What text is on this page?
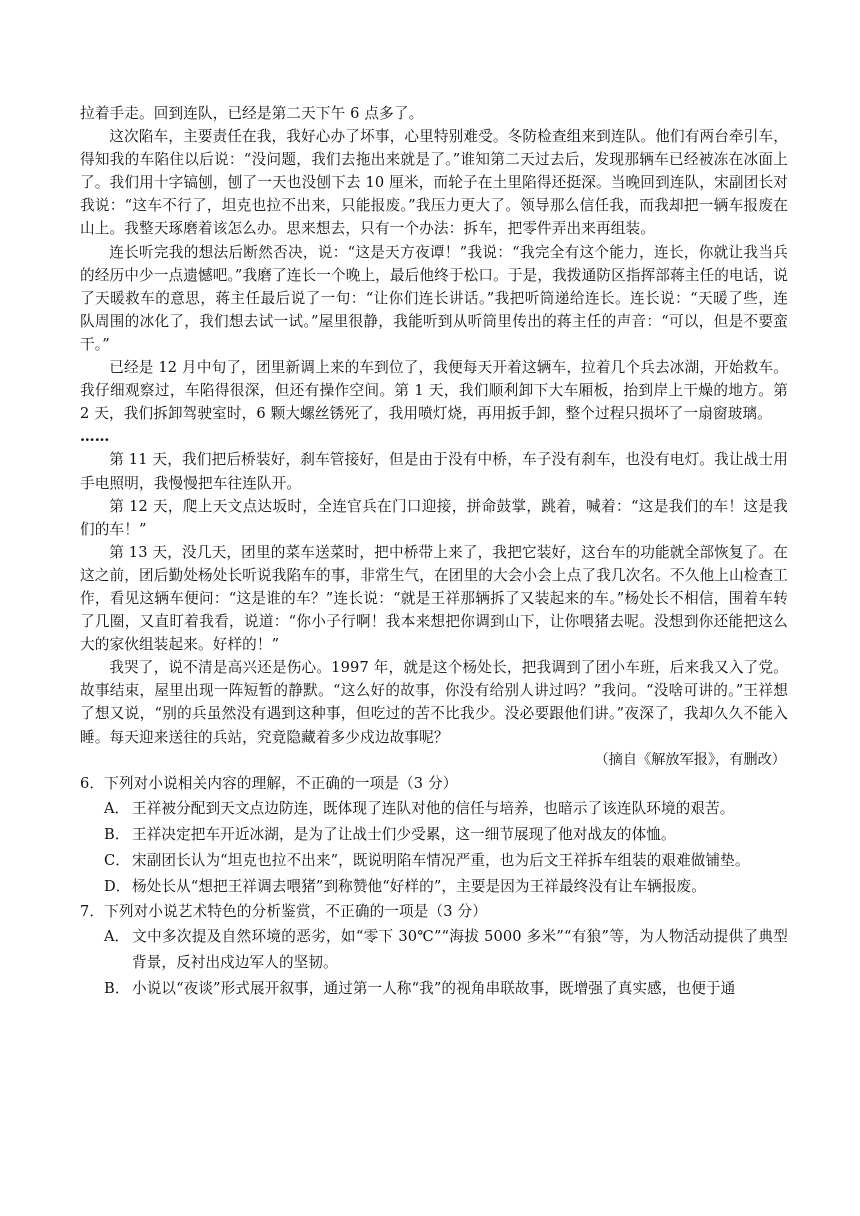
拉着手走。回到连队，已经是第二天下午 6 点多了。

这次陷车，主要责任在我，我好心办了坏事，心里特别难受。冬防检查组来到连队。他们有两台牵引车，得知我的车陷住以后说：“没问题，我们去拖出来就是了。”谁知第二天过去后，发现那辆车已经被冻在冰面上了。我们用十字镐刨，刨了一天也没刨下去 10 厘米，而轮子在土里陷得还挺深。当晚回到连队，宋副团长对我说：“这车不行了，坦克也拉不出来，只能报废。”我压力更大了。领导那么信任我，而我却把一辆车报废在山上。我整天琢磨着该怎么办。思来想去，只有一个办法：拆车，把零件弄出来再组装。

连长听完我的想法后断然否决，说：“这是天方夜谭！”我说：“我完全有这个能力，连长，你就让我当兵的经历中少一点遗憾吧。”我磨了连长一个晚上，最后他终于松口。于是，我拨通防区指挥部蒋主任的电话，说了天暖救车的意思，蒋主任最后说了一句：“让你们连长讲话。”我把听筒递给连长。连长说：“天暖了些，连队周围的冰化了，我们想去试一试。”屋里很静，我能听到从听筒里传出的蒋主任的声音：“可以，但是不要蛮干。”

已经是 12 月中旬了，团里新调上来的车到位了，我便每天开着这辆车，拉着几个兵去冰湖，开始救车。我仔细观察过，车陷得很深，但还有操作空间。第 1 天，我们顺利卸下大车厢板，抬到岸上干燥的地方。第 2 天，我们拆卸驾驶室时，6 颗大螺丝锈死了，我用喷灯烧，再用扳手卸，整个过程只损坏了一扇窗玻璃。

……

第 11 天，我们把后桥装好，刹车管接好，但是由于没有中桥，车子没有刹车，也没有电灯。我让战士用手电照明，我慢慢把车往连队开。

第 12 天，爬上天文点达坂时，全连官兵在门口迎接，拼命鼓掌，跳着，喊着：“这是我们的车！这是我们的车！”

第 13 天，没几天，团里的菜车送菜时，把中桥带上来了，我把它装好，这台车的功能就全部恢复了。在这之前，团后勤处杨处长听说我陷车的事，非常生气，在团里的大会小会上点了我几次名。不久他上山检查工作，看见这辆车便问：“这是谁的车？”连长说：“就是王祥那辆拆了又装起来的车。”杨处长不相信，围着车转了几圈，又直盯着我看，说道：“你小子行啊！我本来想把你调到山下，让你喂猪去呢。没想到你还能把这么大的家伙组装起来。好样的！”

我哭了，说不清是高兴还是伤心。1997 年，就是这个杨处长，把我调到了团小车班，后来我又入了党。故事结束，屋里出现一阵短暂的静默。“这么好的故事，你没有给别人讲过吗？”我问。“没啥可讲的。”王祥想了想又说，“别的兵虽然没有遇到这种事，但吃过的苦不比我少。没必要跟他们讲。”夜深了，我却久久不能入睡。每天迎来送往的兵站，究竟隐藏着多少戍边故事呢？

（摘自《解放军报》，有删改）

6．下列对小说相关内容的理解，不正确的一项是（3 分）

A． 王祥被分配到天文点边防连，既体现了连队对他的信任与培养，也暗示了该连队环境的艰苦。

B． 王祥决定把车开近冰湖，是为了让战士们少受累，这一细节展现了他对战友的体恤。

C． 宋副团长认为“坦克也拉不出来”，既说明陷车情况严重，也为后文王祥拆车组装的艰难做铺垫。

D． 杨处长从“想把王祥调去喂猪”到称赞他“好样的”，主要是因为王祥最终没有让车辆报废。

7．下列对小说艺术特色的分析鉴赏，不正确的一项是（3 分）

A． 文中多次提及自然环境的恶劣，如“零下 30℃”“海拔 5000 多米”“有狼”等，为人物活动提供了典型背景，反衬出戍边军人的坚韧。

B． 小说以“夜谈”形式展开叙事，通过第一人称“我”的视角串联故事，既增强了真实感，也便于通
